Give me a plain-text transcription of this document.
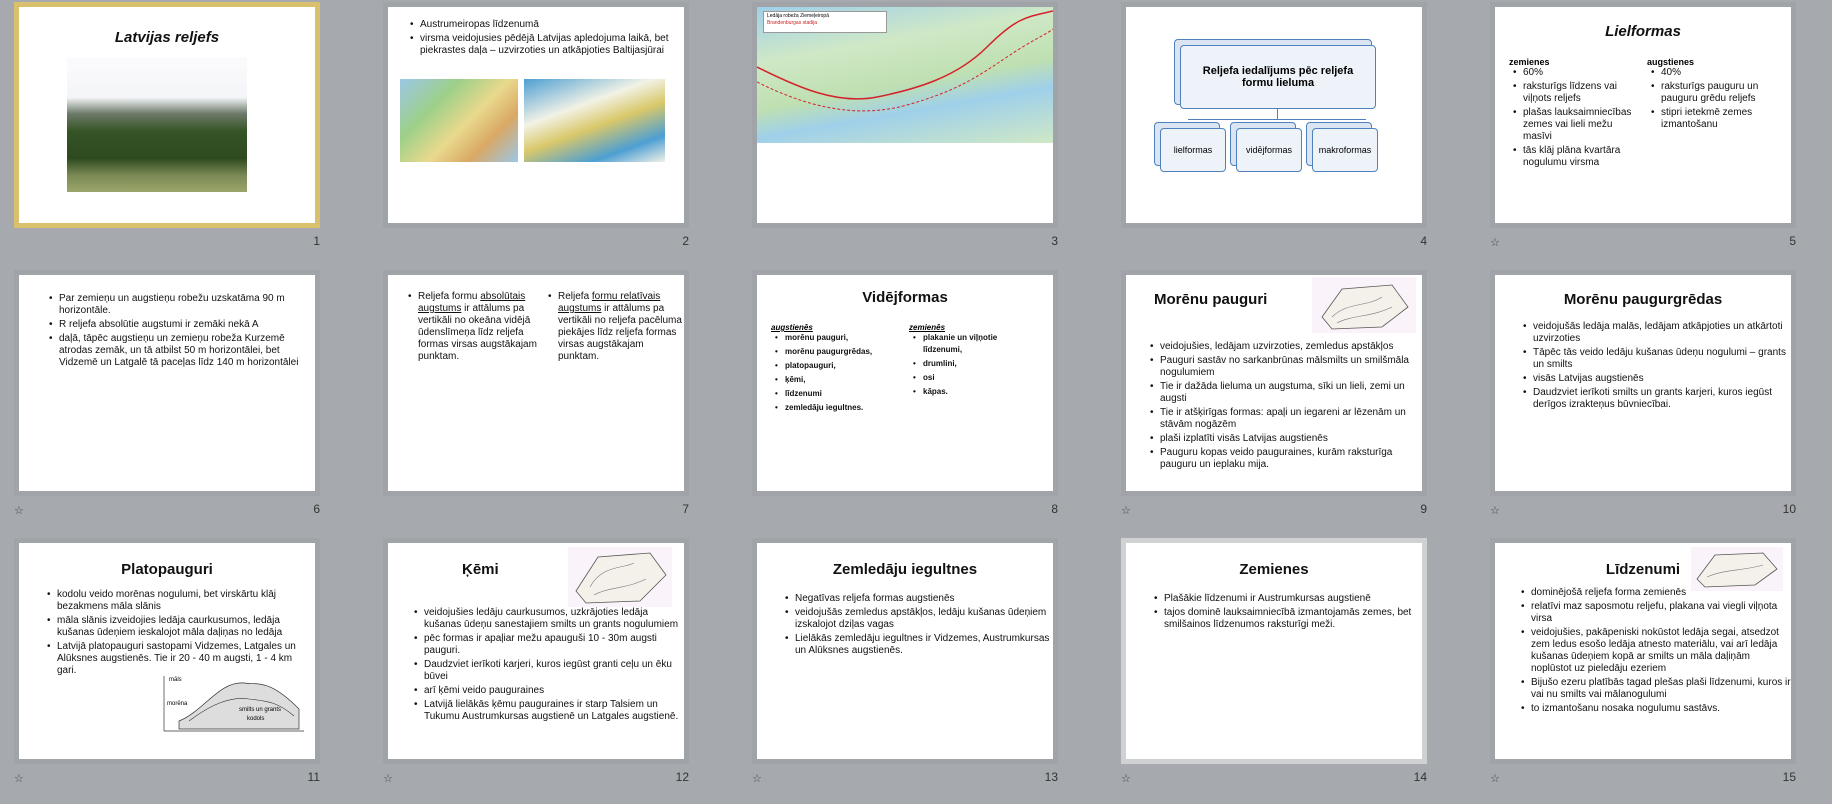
Latvijas reljefs
1
• Austrumeiropas līdzenumā
• virsma veidojusies pēdējā Latvijas apledojuma laikā, bet piekrastes daļa – uzvirzoties un atkāpjoties Baltijasjūrai
2
Ledāja robeža Ziemeļeiropā
Brandenburgas stadija
3
Reljefa iedalījums pēc reljefa formu lieluma
lielformas	vidējformas	makroformas
4
Lielformas
zemienes
• 60%
• raksturīgs līdzens vai viļņots reljefs
• plašas lauksaimniecības zemes vai lieli mežu masīvi
• tās klāj plāna kvartāra nogulumu virsma
augstienes
• 40%
• raksturīgs pauguru un pauguru grēdu reljefs
• stipri ietekmē zemes izmantošanu
☆	5
• Par zemieņu un augstieņu robežu uzskatāma 90 m horizontāle.
• R reljefa absolūtie augstumi ir zemāki nekā A
• daļā, tāpēc augstieņu un zemieņu robeža Kurzemē atrodas zemāk, un tā atbilst 50 m horizontālei, bet Vidzemē un Latgalē tā paceļas līdz 140 m horizontālei
☆	6
• Reljefa formu absolūtais augstums ir attālums pa vertikāli no okeāna vidējā ūdenslīmeņa līdz reljefa formas virsas augstākajam punktam.
• Reljefa formu relatīvais augstums ir attālums pa vertikāli no reljefa pacēluma piekājes līdz reljefa formas virsas augstākajam punktam.
7
Vidējformas
augstienēs
• morēnu pauguri,
• morēnu paugurgrēdas,
• platopauguri,
• ķēmi,
• līdzenumi
• zemledāju iegultnes.
zemienēs
• plakanie un viļņotie līdzenumi,
• drumlini,
• osi
• kāpas.
8
Morēnu pauguri
• veidojušies, ledājam uzvirzoties, zemledus apstākļos
• Pauguri sastāv no sarkanbrūnas mālsmilts un smilšmāla nogulumiem
• Tie ir dažāda lieluma un augstuma, sīki un lieli, zemi un augsti
• Tie ir atšķirīgas formas: apaļi un iegareni ar lēzenām un stāvām nogāzēm
• plaši izplatīti visās Latvijas augstienēs
• Pauguru kopas veido pauguraines, kurām raksturīga pauguru un ieplaku mija.
☆	9
Morēnu paugurgrēdas
• veidojušās ledāja malās, ledājam atkāpjoties un atkārtoti uzvirzoties
• Tāpēc tās veido ledāju kušanas ūdeņu nogulumi – grants un smilts
• visās Latvijas augstienēs
• Daudzviet ierīkoti smilts un grants karjeri, kuros iegūst derīgos izrakteņus būvniecībai.
☆	10
Platopauguri
• kodolu veido morēnas nogulumi, bet virskārtu klāj bezakmens māla slānis
• māla slānis izveidojies ledāja caurkusumos, ledāja kušanas ūdeņiem ieskalojot māla daļiņas no ledāja
• Latvijā platopauguri sastopami Vidzemes, Latgales un Alūksnes augstienēs. Tie ir 20 - 40 m augsti, 1 - 4 km gari.
māls
morēna
smilts un grants
kodols
☆	11
Ķēmi
• veidojušies ledāju caurkusumos, uzkrājoties ledāja kušanas ūdeņu sanestajiem smilts un grants nogulumiem
• pēc formas ir apaļiar mežu apauguši 10 - 30m augsti pauguri.
• Daudzviet ierīkoti karjeri, kuros iegūst granti ceļu un ēku būvei
• arī ķēmi veido pauguraines
• Latvijā lielākās ķēmu pauguraines ir starp Talsiem un Tukumu Austrumkursas augstienē un Latgales augstienē.
☆	12
Zemledāju iegultnes
• Negatīvas reljefa formas augstienēs
• veidojušās zemledus apstākļos, ledāju kušanas ūdeņiem izskalojot dziļas vagas
• Lielākās zemledāju iegultnes ir Vidzemes, Austrumkursas un Alūksnes augstienēs.
☆	13
Zemienes
• Plašākie līdzenumi ir Austrumkursas augstienē
• tajos dominē lauksaimniecībā izmantojamās zemes, bet smilšainos līdzenumos raksturīgi meži.
☆	14
Līdzenumi
• dominējošā reljefa forma zemienēs
• relatīvi maz saposmotu reljefu, plakana vai viegli viļņota virsa
• veidojušies, pakāpeniski nokūstot ledāja segai, atsedzot zem ledus esošo ledāja atnesto materiālu, vai arī ledāja kušanas ūdeņiem kopā ar smilts un māla daļiņām noplūstot uz pieledāju ezeriem
• Bijušo ezeru platībās tagad plešas plaši līdzenumi, kuros ir vai nu smilts vai mālanogulumi
• to izmantošanu nosaka nogulumu sastāvs.
☆	15
